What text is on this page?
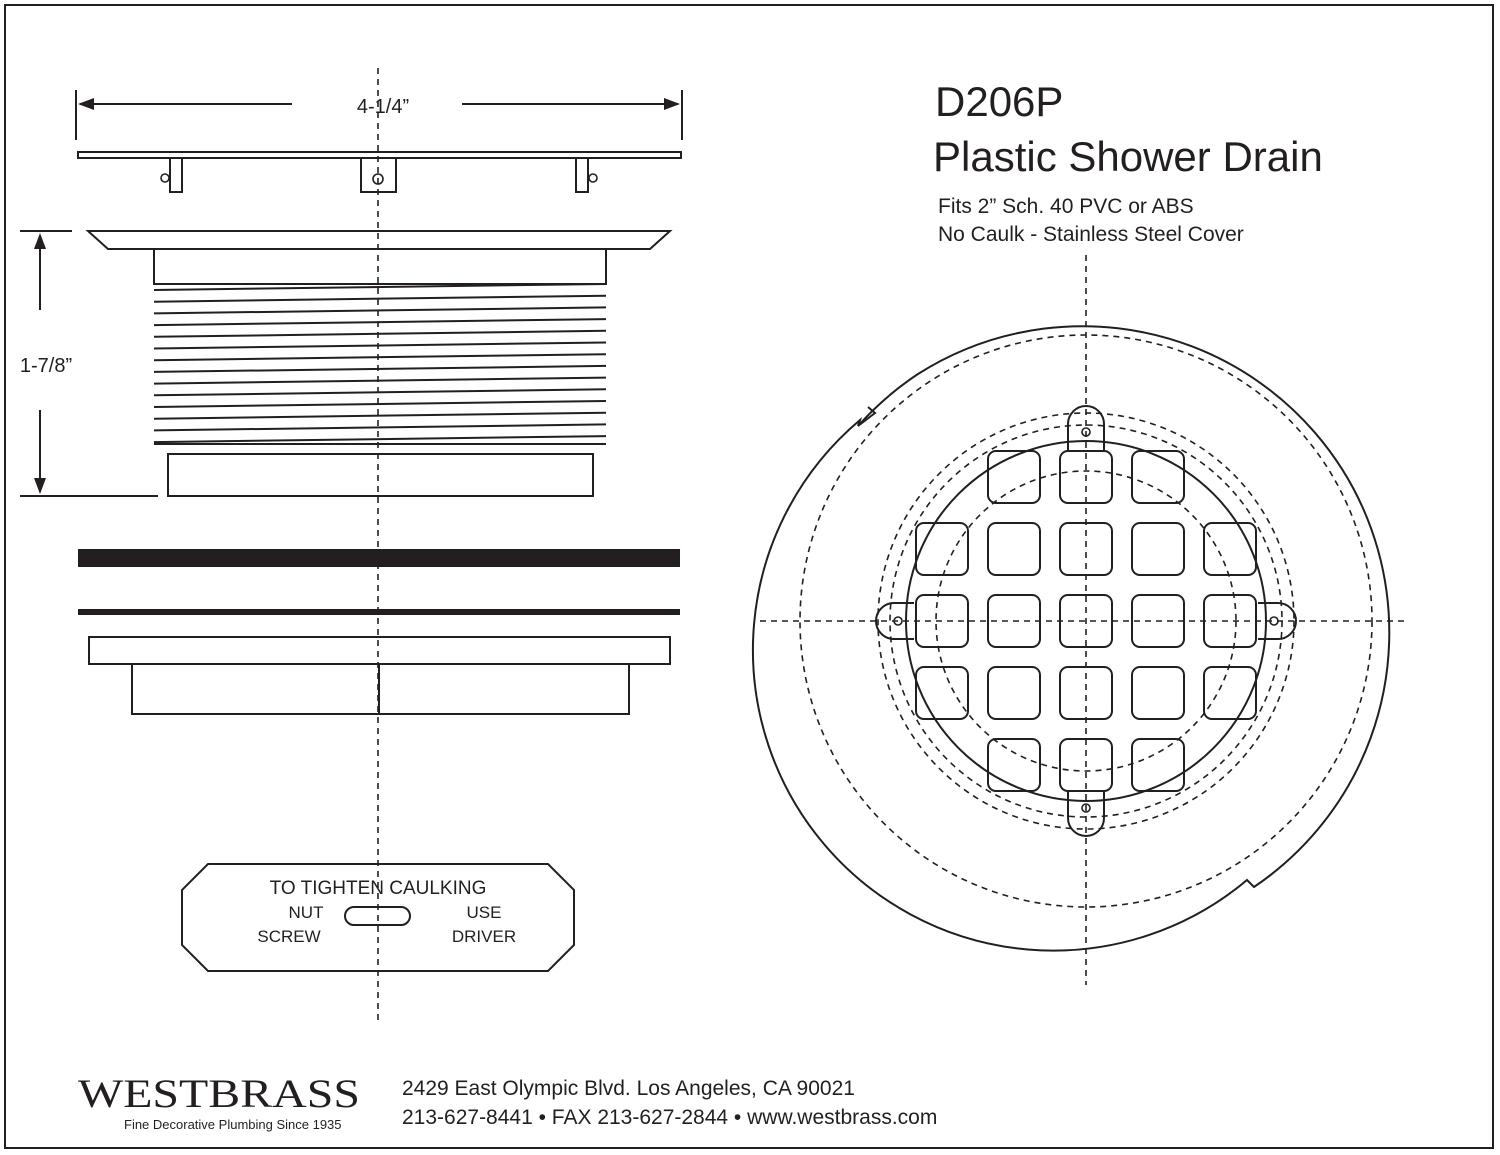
4-1/4”
1-7/8”
TO TIGHTEN CAULKING
NUT
SCREW
USE
DRIVER
D206P
Plastic Shower Drain
Fits 2” Sch. 40 PVC or ABS
No Caulk - Stainless Steel Cover
WESTBRASS
Fine Decorative Plumbing Since 1935
2429 East Olympic Blvd. Los Angeles, CA 90021
213-627-8441 • FAX 213-627-2844 • www.westbrass.com
